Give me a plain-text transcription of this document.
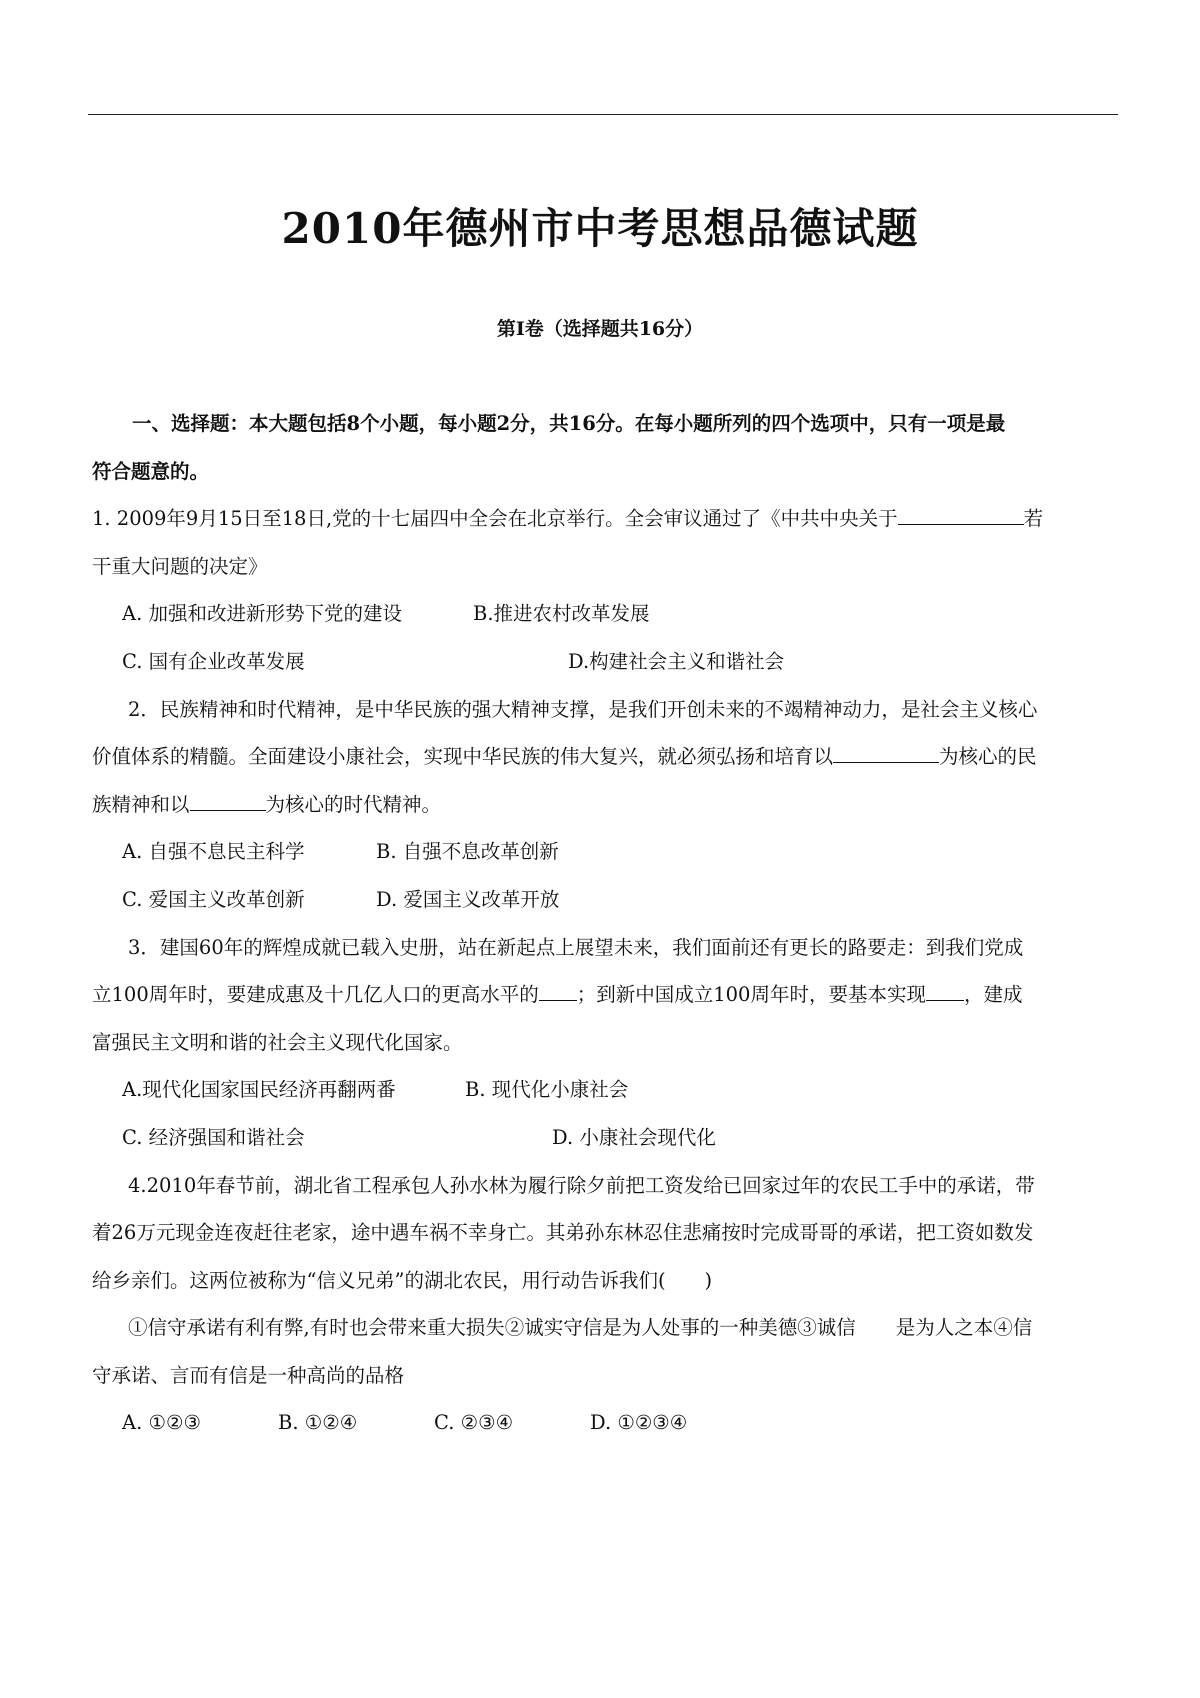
2010年德州市中考思想品德试题
第Ⅰ卷（选择题共16分）

一、选择题：本大题包括8个小题，每小题2分，共16分。在每小题所列的四个选项中，只有一项是最
符合题意的。

1. 2009年9月15日至18日,党的十七届四中全会在北京举行。全会审议通过了《中共中央关于	若
干重大问题的决定》

A. 加强和改进新形势下党的建设	B.推进农村改革发展
C. 国有企业改革发展	D.构建社会主义和谐社会

2．民族精神和时代精神，是中华民族的强大精神支撑，是我们开创未来的不竭精神动力，是社会主义核心
价值体系的精髓。全面建设小康社会，实现中华民族的伟大复兴，就必须弘扬和培育以	为核心的民
族精神和以	为核心的时代精神。

A. 自强不息民主科学	B. 自强不息改革创新
C. 爱国主义改革创新	D. 爱国主义改革开放

3．建国60年的辉煌成就已载入史册，站在新起点上展望未来，我们面前还有更长的路要走：到我们党成
立100周年时，要建成惠及十几亿人口的更高水平的 ；到新中国成立100周年时，要基本实现 ，建成
富强民主文明和谐的社会主义现代化国家。

A.现代化国家国民经济再翻两番	B. 现代化小康社会
C. 经济强国和谐社会	D. 小康社会现代化

4.2010年春节前，湖北省工程承包人孙水林为履行除夕前把工资发给已回家过年的农民工手中的承诺，带
着26万元现金连夜赶往老家，途中遇车祸不幸身亡。其弟孙东林忍住悲痛按时完成哥哥的承诺，把工资如数发
给乡亲们。这两位被称为“信义兄弟”的湖北农民，用行动告诉我们(　　)

①信守承诺有利有弊,有时也会带来重大损失②诚实守信是为人处事的一种美德③诚信 是为人之本④信
守承诺、言而有信是一种高尚的品格

A. ①②③	B. ①②④	C. ②③④	D. ①②③④
